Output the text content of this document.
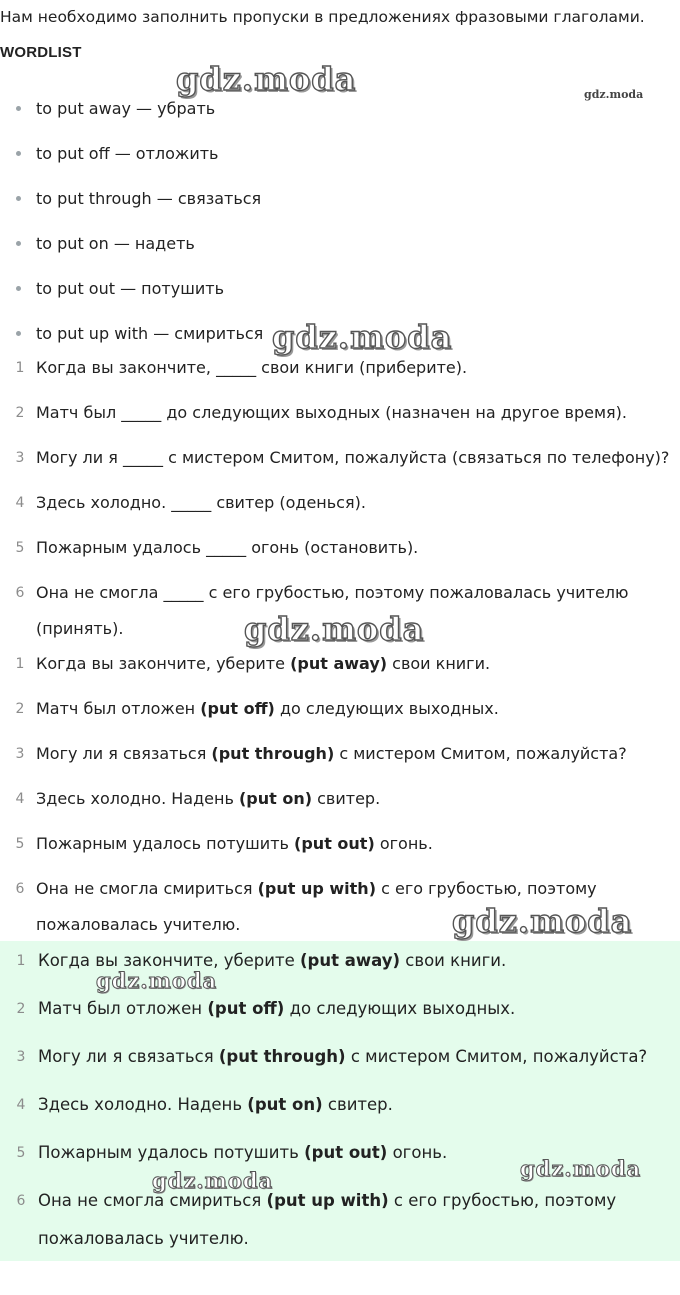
Нам необходимо заполнить пропуски в предложениях фразовыми глаголами.
WORDLIST
to put away — убрать
to put off — отложить
to put through — связаться
to put on — надеть
to put out — потушить
to put up with — смириться
1 Когда вы закончите, _____ свои книги (приберите).
2 Матч был _____ до следующих выходных (назначен на другое время).
3 Могу ли я _____ с мистером Смитом, пожалуйста (связаться по телефону)?
4 Здесь холодно. _____ свитер (оденься).
5 Пожарным удалось _____ огонь (остановить).
6 Она не смогла _____ с его грубостью, поэтому пожаловалась учителю (принять).
1 Когда вы закончите, уберите (put away) свои книги.
2 Матч был отложен (put off) до следующих выходных.
3 Могу ли я связаться (put through) с мистером Смитом, пожалуйста?
4 Здесь холодно. Надень (put on) свитер.
5 Пожарным удалось потушить (put out) огонь.
6 Она не смогла смириться (put up with) с его грубостью, поэтому пожаловалась учителю.
1 Когда вы закончите, уберите (put away) свои книги.
2 Матч был отложен (put off) до следующих выходных.
3 Могу ли я связаться (put through) с мистером Смитом, пожалуйста?
4 Здесь холодно. Надень (put on) свитер.
5 Пожарным удалось потушить (put out) огонь.
6 Она не смогла смириться (put up with) с его грубостью, поэтому пожаловалась учителю.
gdz.moda	gdz.moda
gdz.moda
gdz.moda
gdz.moda
gdz.moda
gdz.moda
gdz.moda
